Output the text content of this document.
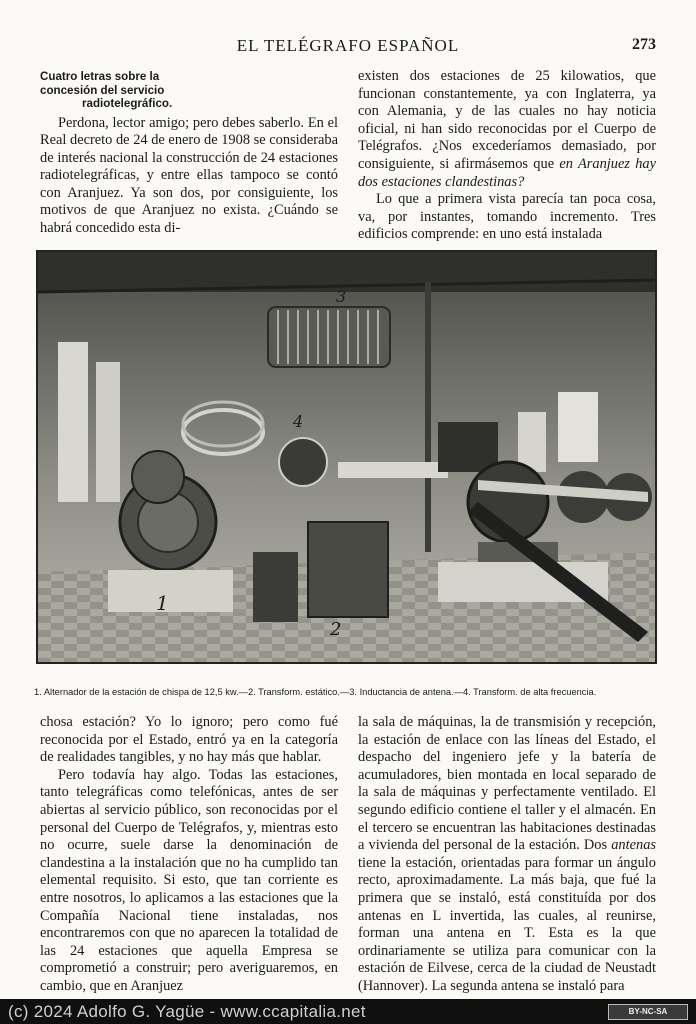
EL TELÉGRAFO ESPAÑOL	273
Cuatro letras sobre la
concesión del servicio
radiotelegráfico.

Perdona, lector amigo; pero debes saberlo. En el Real decreto de 24 de enero de 1908 se consideraba de interés nacional la construcción de 24 estaciones radiotelegráficas, y entre ellas tampoco se contó con Aranjuez. Ya son dos, por consiguiente, los motivos de que Aranjuez no exista. ¿Cuándo se habrá concedido esta di-

existen dos estaciones de 25 kilowatios, que funcionan constantemente, ya con Inglaterra, ya con Alemania, y de las cuales no hay noticia oficial, ni han sido reconocidas por el Cuerpo de Telégrafos. ¿Nos excederíamos demasiado, por consiguiente, si afirmásemos que en Aranjuez hay dos estaciones clandestinas?

Lo que a primera vista parecía tan poca cosa, va, por instantes, tomando incremento. Tres edificios comprende: en uno está instalada

1
2
3
4
1. Alternador de la estación de chispa de 12,5 kw.—2. Transform. estático.—3. Inductancia de antena.—4. Transform. de alta frecuencia.

chosa estación? Yo lo ignoro; pero como fué reconocida por el Estado, entró ya en la categoría de realidades tangibles, y no hay más que hablar.

Pero todavía hay algo. Todas las estaciones, tanto telegráficas como telefónicas, antes de ser abiertas al servicio público, son reconocidas por el personal del Cuerpo de Telégrafos, y, mientras esto no ocurre, suele darse la denominación de clandestina a la instalación que no ha cumplido tan elemental requisito. Si esto, que tan corriente es entre nosotros, lo aplicamos a las estaciones que la Compañía Nacional tiene instaladas, nos encontraremos con que no aparecen la totalidad de las 24 estaciones que aquella Empresa se comprometió a construir; pero averiguaremos, en cambio, que en Aranjuez

la sala de máquinas, la de transmisión y recepción, la estación de enlace con las líneas del Estado, el despacho del ingeniero jefe y la batería de acumuladores, bien montada en local separado de la sala de máquinas y perfectamente ventilado. El segundo edificio contiene el taller y el almacén. En el tercero se encuentran las habitaciones destinadas a vivienda del personal de la estación. Dos antenas tiene la estación, orientadas para formar un ángulo recto, aproximadamente. La más baja, que fué la primera que se instaló, está constituída por dos antenas en L invertida, las cuales, al reunirse, forman una antena en T. Esta es la que ordinariamente se utiliza para comunicar con la estación de Eilvese, cerca de la ciudad de Neustadt (Hannover). La segunda antena se instaló para

(c) 2024 Adolfo G. Yagüe - www.ccapitalia.net	BY-NC-SA
